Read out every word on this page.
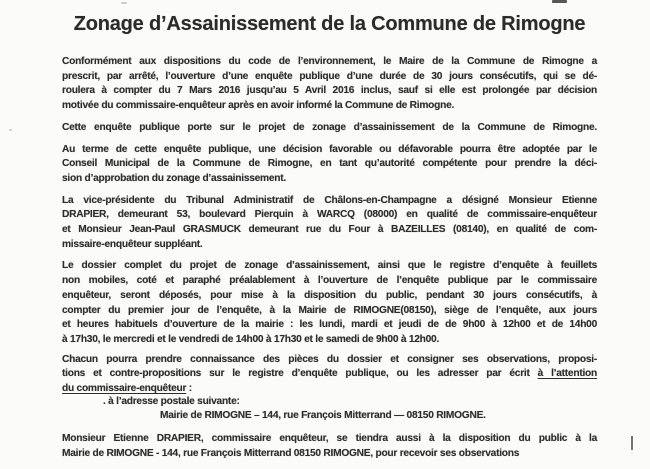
Zonage d’Assainissement de la Commune de Rimogne
Conformément aux dispositions du code de l’environnement, le Maire de la Commune de Rimogne a
prescrit, par arrêté, l’ouverture d’une enquête publique d’une durée de 30 jours consécutifs, qui se dé-
roulera à compter du 7 Mars 2016 jusqu’au 5 Avril 2016 inclus, sauf si elle est prolongée par décision
motivée du commissaire-enquêteur après en avoir informé la Commune de Rimogne.
Cette enquête publique porte sur le projet de zonage d’assainissement de la Commune de Rimogne.
Au terme de cette enquête publique, une décision favorable ou défavorable pourra être adoptée par le
Conseil Municipal de la Commune de Rimogne, en tant qu’autorité compétente pour prendre la déci-
sion d’approbation du zonage d’assainissement.
La vice-présidente du Tribunal Administratif de Châlons-en-Champagne a désigné Monsieur Etienne
DRAPIER, demeurant 53, boulevard Pierquin à WARCQ (08000) en qualité de commissaire-enquêteur
et Monsieur Jean-Paul GRASMUCK demeurant rue du Four à BAZEILLES (08140), en qualité de com-
missaire-enquêteur suppléant.
Le dossier complet du projet de zonage d’assainissement, ainsi que le registre d’enquête à feuillets
non mobiles, coté et paraphé préalablement à l’ouverture de l’enquête publique par le commissaire
enquêteur, seront déposés, pour mise à la disposition du public, pendant 30 jours consécutifs, à
compter du premier jour de l’enquête, à la Mairie de RIMOGNE(08150), siège de l’enquête, aux jours
et heures habituels d’ouverture de la mairie : les lundi, mardi et jeudi de de 9h00 à 12h00 et de 14h00
à 17h30, le mercredi et le vendredi de 14h00 à 17h30 et le samedi de 9h00 à 12h00.
Chacun pourra prendre connaissance des pièces du dossier et consigner ses observations, proposi-
tions et contre-propositions sur le registre d’enquête publique, ou les adresser par écrit à l’attention
du commissaire-enquêteur :
. à l’adresse postale suivante:
Mairie de RIMOGNE – 144, rue François Mitterrand — 08150 RIMOGNE.
Monsieur Etienne DRAPIER, commissaire enquêteur, se tiendra aussi à la disposition du public à la
Mairie de RIMOGNE - 144, rue François Mitterrand 08150 RIMOGNE, pour recevoir ses observations
